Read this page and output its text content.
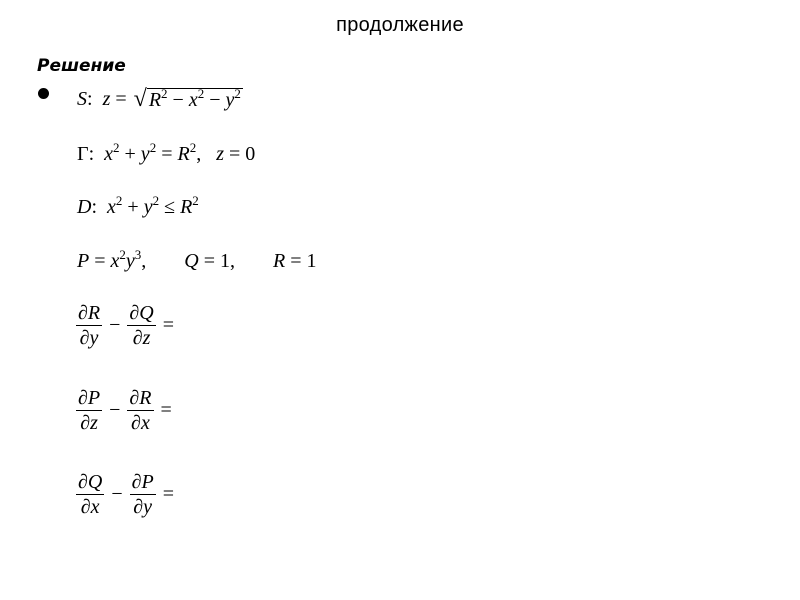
продолжение
Решение
S:  z = √ $R^2 - x^2 - y^2$
Γ:  $x^2 + y^2 = R^2$,   z = 0
D:  $x^2 + y^2 \le R^2$
$P = x^2y^3$, Q = 1, R = 1
$\frac{\partial R}{\partial y} - \frac{\partial Q}{\partial z}$ =
$\frac{\partial P}{\partial z} - \frac{\partial R}{\partial x}$ =
$\frac{\partial Q}{\partial x} - \frac{\partial P}{\partial y}$ =
